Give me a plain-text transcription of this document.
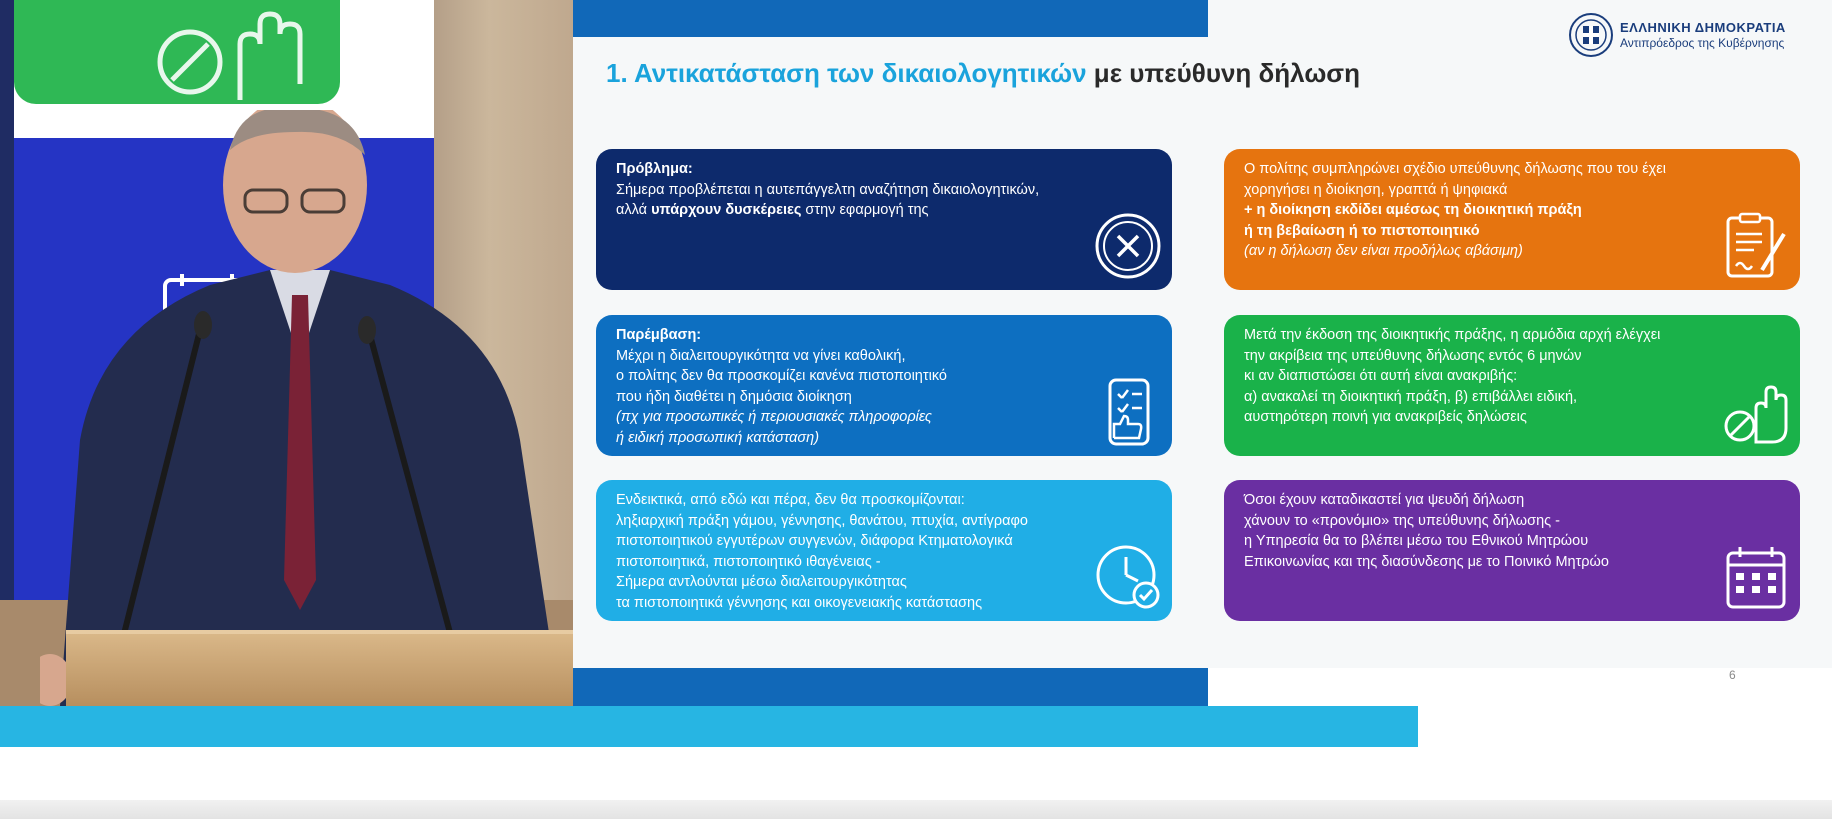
ΕΛΛΗΝΙΚΗ ΔΗΜΟΚΡΑΤΙΑ
Αντιπρόεδρος της Κυβέρνησης
1. Αντικατάσταση των δικαιολογητικών με υπεύθυνη δήλωση
Πρόβλημα:
Σήμερα προβλέπεται η αυτεπάγγελτη αναζήτηση δικαιολογητικών,
αλλά υπάρχουν δυσκέρειες στην εφαρμογή της
Παρέμβαση:
Μέχρι η διαλειτουργικότητα να γίνει καθολική,
ο πολίτης δεν θα προσκομίζει κανένα πιστοποιητικό
που ήδη διαθέτει η δημόσια διοίκηση
(πχ για προσωπικές ή περιουσιακές πληροφορίες
ή ειδική προσωπική κατάσταση)
Ενδεικτικά, από εδώ και πέρα, δεν θα προσκομίζονται:
ληξιαρχική πράξη γάμου, γέννησης, θανάτου, πτυχία, αντίγραφο
πιστοποιητικού εγγυτέρων συγγενών, διάφορα Κτηματολογικά
πιστοποιητικά, πιστοποιητικό ιθαγένειας -
Σήμερα αντλούνται μέσω διαλειτουργικότητας
τα πιστοποιητικά γέννησης και οικογενειακής κατάστασης
Ο πολίτης συμπληρώνει σχέδιο υπεύθυνης δήλωσης που του έχει
χορηγήσει η διοίκηση, γραπτά ή ψηφιακά
+ η διοίκηση εκδίδει αμέσως τη διοικητική πράξη
ή τη βεβαίωση ή το πιστοποιητικό
(αν η δήλωση δεν είναι προδήλως αβάσιμη)
Μετά την έκδοση της διοικητικής πράξης, η αρμόδια αρχή ελέγχει
την ακρίβεια της υπεύθυνης δήλωσης εντός 6 μηνών
κι αν διαπιστώσει ότι αυτή είναι ανακριβής:
α) ανακαλεί τη διοικητική πράξη, β) επιβάλλει ειδική,
αυστηρότερη ποινή για ανακριβείς δηλώσεις
Όσοι έχουν καταδικαστεί για ψευδή δήλωση
χάνουν το «προνόμιο» της υπεύθυνης δήλωσης -
η Υπηρεσία θα το βλέπει μέσω του Εθνικού Μητρώου
Επικοινωνίας και της διασύνδεσης με το Ποινικό Μητρώο
6
